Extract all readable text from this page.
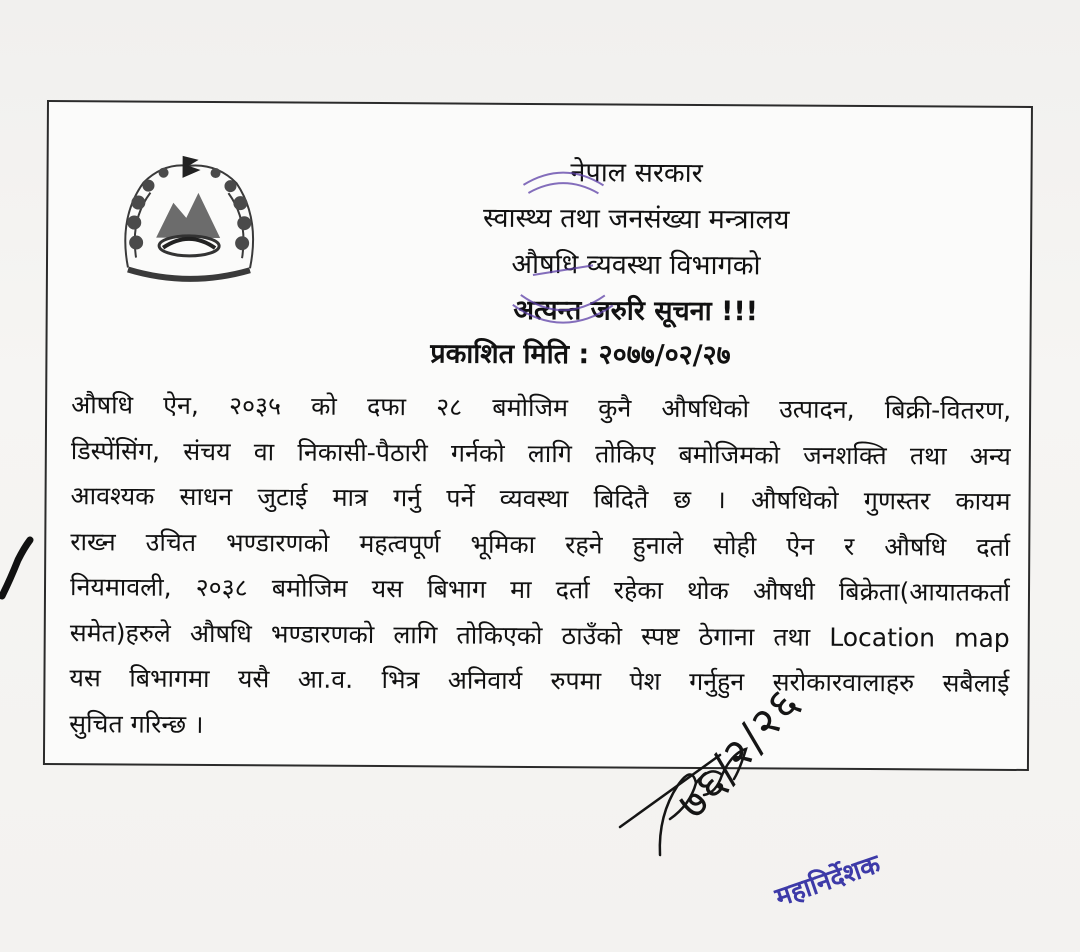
नेपाल सरकार
स्वास्थ्य तथा जनसंख्या मन्त्रालय
औषधि व्यवस्था विभागको
अत्यन्त जरुरि सूचना !!!
प्रकाशित मिति : २०७७/०२/२७
औषधि ऐन, २०३५ को दफा २८ बमोजिम कुनै औषधिको उत्पादन, बिक्री-वितरण,
डिस्पेंसिंग, संचय वा निकासी-पैठारी गर्नको लागि तोकिए बमोजिमको जनशक्ति तथा अन्य
आवश्यक साधन जुटाई मात्र गर्नु पर्ने व्यवस्था बिदितै छ । औषधिको गुणस्तर कायम
राख्न उचित भण्डारणको महत्वपूर्ण भूमिका रहने हुनाले सोही ऐन र औषधि दर्ता
नियमावली, २०३८ बमोजिम यस बिभाग मा दर्ता रहेका थोक औषधी बिक्रेता(आयातकर्ता
समेत)हरुले औषधि भण्डारणको लागि तोकिएको ठाउँको स्पष्ट ठेगाना तथा Location map
यस बिभागमा यसै आ.व. भित्र अनिवार्य रुपमा पेश गर्नुहुन सरोकारवालाहरु सबैलाई
सुचित गरिन्छ ।	७६/२/२६
महानिर्देशक
